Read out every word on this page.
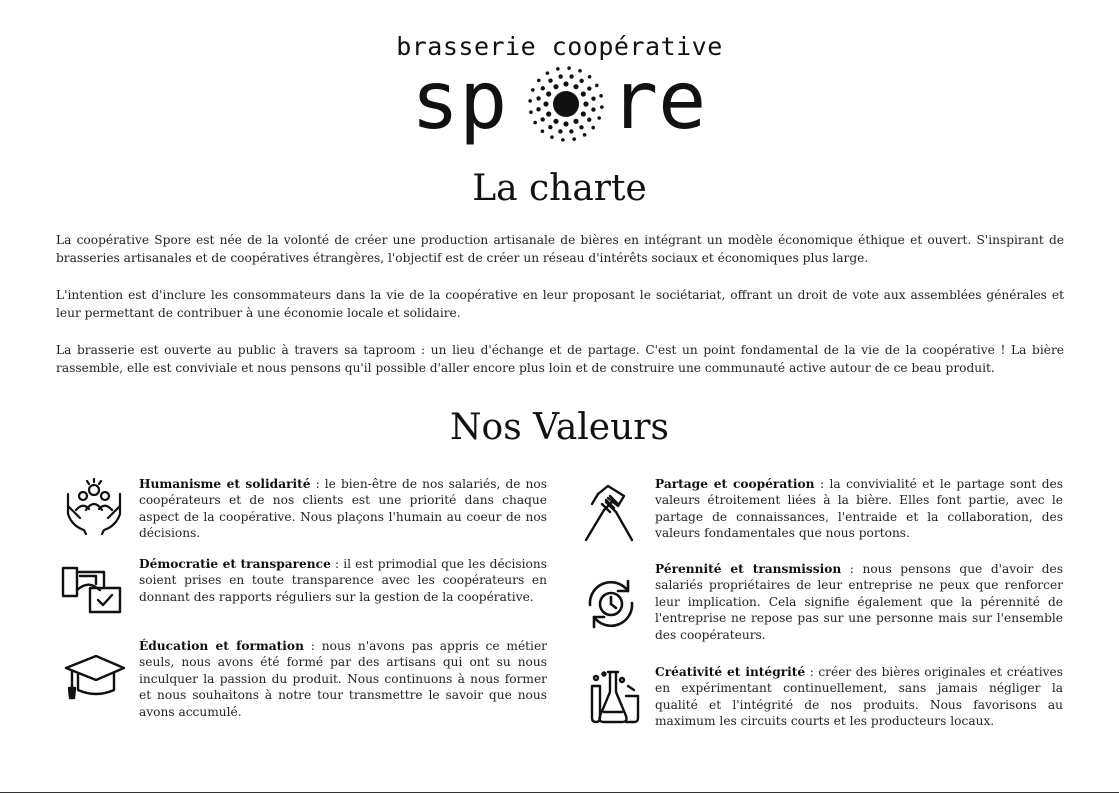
brasserie coopérative
sp re
La charte

La coopérative Spore est née de la volonté de créer une production artisanale de bières en intégrant un modèle économique éthique et ouvert. S'inspirant de brasseries artisanales et de coopératives étrangères, l'objectif est de créer un réseau d'intérêts sociaux et économiques plus large.

L'intention est d'inclure les consommateurs dans la vie de la coopérative en leur proposant le sociétariat, offrant un droit de vote aux assemblées générales et leur permettant de contribuer à une économie locale et solidaire.

La brasserie est ouverte au public à travers sa taproom : un lieu d'échange et de partage. C'est un point fondamental de la vie de la coopérative ! La bière rassemble, elle est conviviale et nous pensons qu'il possible d'aller encore plus loin et de construire une communauté active autour de ce beau produit.

Nos Valeurs
Humanisme et solidarité : le bien-être de nos salariés, de nos coopérateurs et de nos clients est une priorité dans chaque aspect de la coopérative. Nous plaçons l'humain au coeur de nos décisions.
Démocratie et transparence : il est primodial que les décisions soient prises en toute transparence avec les coopérateurs en donnant des rapports réguliers sur la gestion de la coopérative.
Éducation et formation : nous n'avons pas appris ce métier seuls, nous avons été formé par des artisans qui ont su nous inculquer la passion du produit. Nous continuons à nous former et nous souhaitons à notre tour transmettre le savoir que nous avons accumulé.
Partage et coopération : la convivialité et le partage sont des valeurs étroitement liées à la bière. Elles font partie, avec le partage de connaissances, l'entraide et la collaboration, des valeurs fondamentales que nous portons.
Pérennité et transmission : nous pensons que d'avoir des salariés propriétaires de leur entreprise ne peux que renforcer leur implication. Cela signifie également que la pérennité de l'entreprise ne repose pas sur une personne mais sur l'ensemble des coopérateurs.
Créativité et intégrité : créer des bières originales et créatives en expérimentant continuellement, sans jamais négliger la qualité et l'intégrité de nos produits. Nous favorisons au maximum les circuits courts et les producteurs locaux.
